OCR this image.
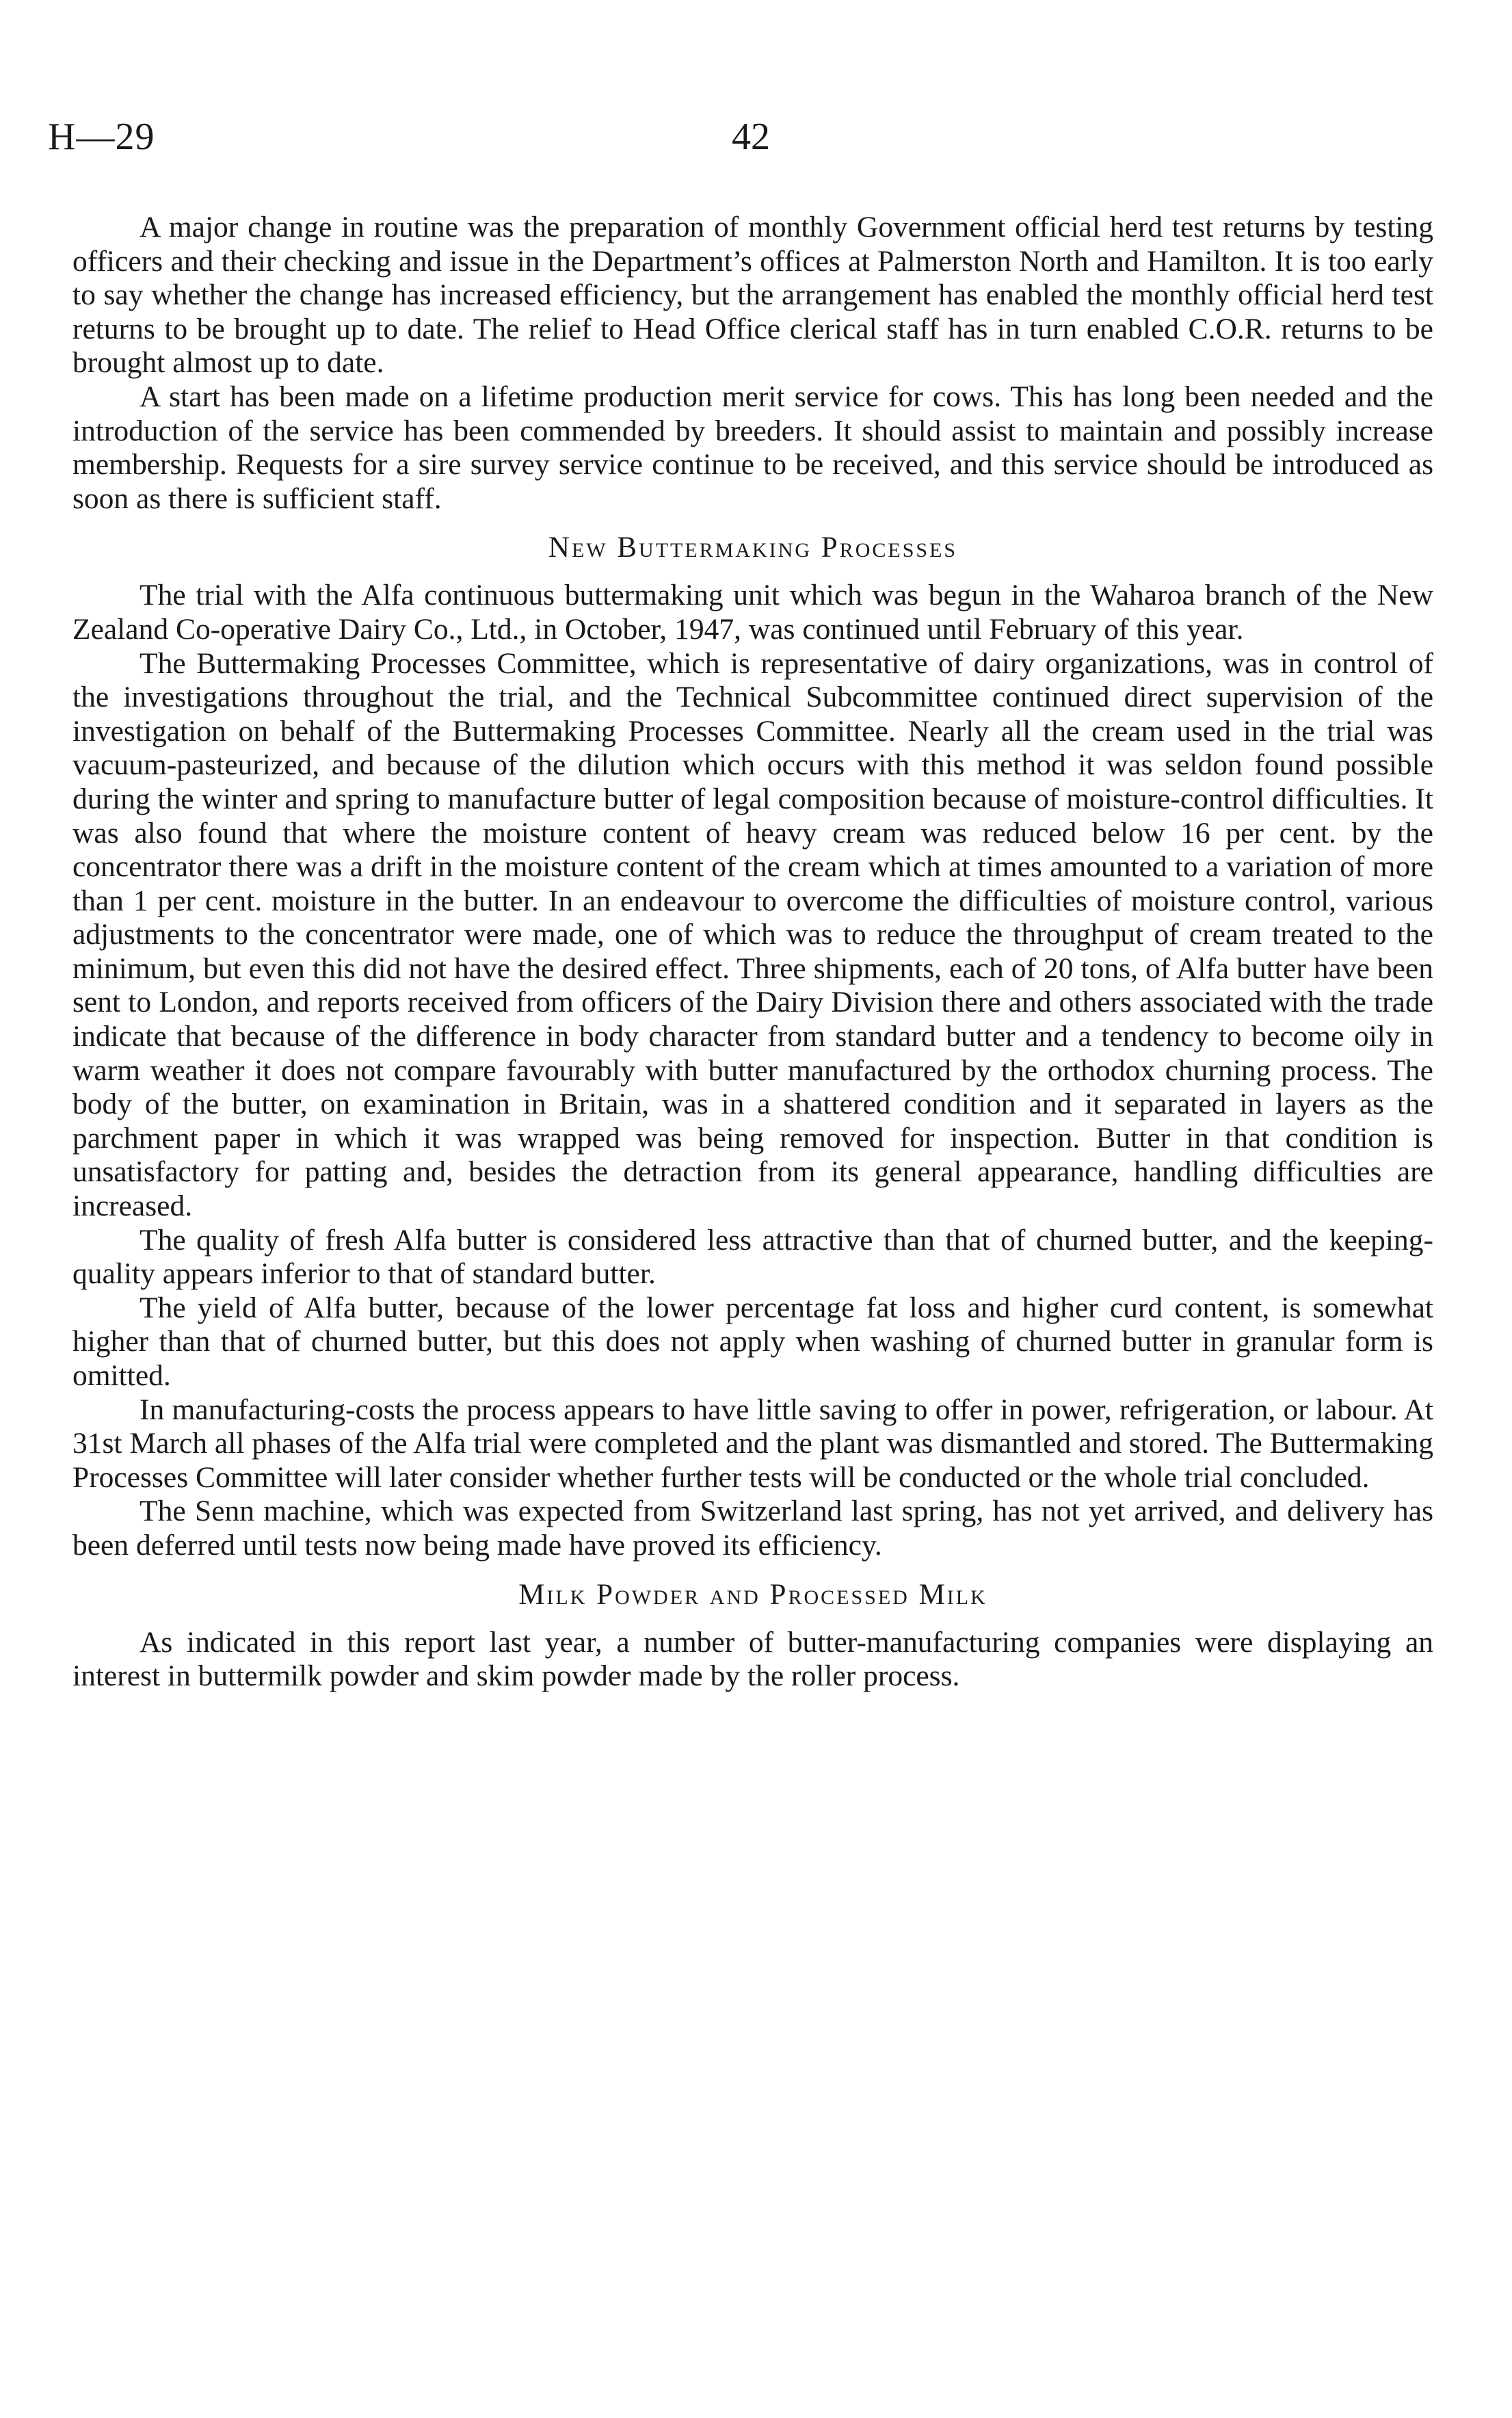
H—29	42

A major change in routine was the preparation of monthly Government official herd test returns by testing officers and their checking and issue in the Department’s offices at Palmerston North and Hamilton. It is too early to say whether the change has increased efficiency, but the arrangement has enabled the monthly official herd test returns to be brought up to date. The relief to Head Office clerical staff has in turn enabled C.O.R. returns to be brought almost up to date.

A start has been made on a lifetime production merit service for cows. This has long been needed and the introduction of the service has been commended by breeders. It should assist to maintain and possibly increase membership. Requests for a sire survey service continue to be received, and this service should be introduced as soon as there is sufficient staff.

New Buttermaking Processes

The trial with the Alfa continuous buttermaking unit which was begun in the Waharoa branch of the New Zealand Co-operative Dairy Co., Ltd., in October, 1947, was continued until February of this year.

The Buttermaking Processes Committee, which is representative of dairy organizations, was in control of the investigations throughout the trial, and the Technical Subcommittee continued direct supervision of the investigation on behalf of the Buttermaking Processes Committee. Nearly all the cream used in the trial was vacuum-pasteurized, and because of the dilution which occurs with this method it was seldon found possible during the winter and spring to manufacture butter of legal composition because of moisture-control difficulties. It was also found that where the moisture content of heavy cream was reduced below 16 per cent. by the concentrator there was a drift in the moisture content of the cream which at times amounted to a variation of more than 1 per cent. moisture in the butter. In an endeavour to overcome the difficulties of moisture control, various adjustments to the concentrator were made, one of which was to reduce the throughput of cream treated to the minimum, but even this did not have the desired effect. Three shipments, each of 20 tons, of Alfa butter have been sent to London, and reports received from officers of the Dairy Division there and others associated with the trade indicate that because of the difference in body character from standard butter and a tendency to become oily in warm weather it does not compare favourably with butter manufactured by the orthodox churning process. The body of the butter, on examination in Britain, was in a shattered condition and it separated in layers as the parchment paper in which it was wrapped was being removed for inspection. Butter in that condition is unsatisfactory for patting and, besides the detraction from its general appearance, handling difficulties are increased.

The quality of fresh Alfa butter is considered less attractive than that of churned butter, and the keeping-quality appears inferior to that of standard butter.

The yield of Alfa butter, because of the lower percentage fat loss and higher curd content, is somewhat higher than that of churned butter, but this does not apply when washing of churned butter in granular form is omitted.

In manufacturing-costs the process appears to have little saving to offer in power, refrigeration, or labour. At 31st March all phases of the Alfa trial were completed and the plant was dismantled and stored. The Buttermaking Processes Committee will later consider whether further tests will be conducted or the whole trial concluded.

The Senn machine, which was expected from Switzerland last spring, has not yet arrived, and delivery has been deferred until tests now being made have proved its efficiency.

Milk Powder and Processed Milk

As indicated in this report last year, a number of butter-manufacturing companies were displaying an interest in buttermilk powder and skim powder made by the roller process.
